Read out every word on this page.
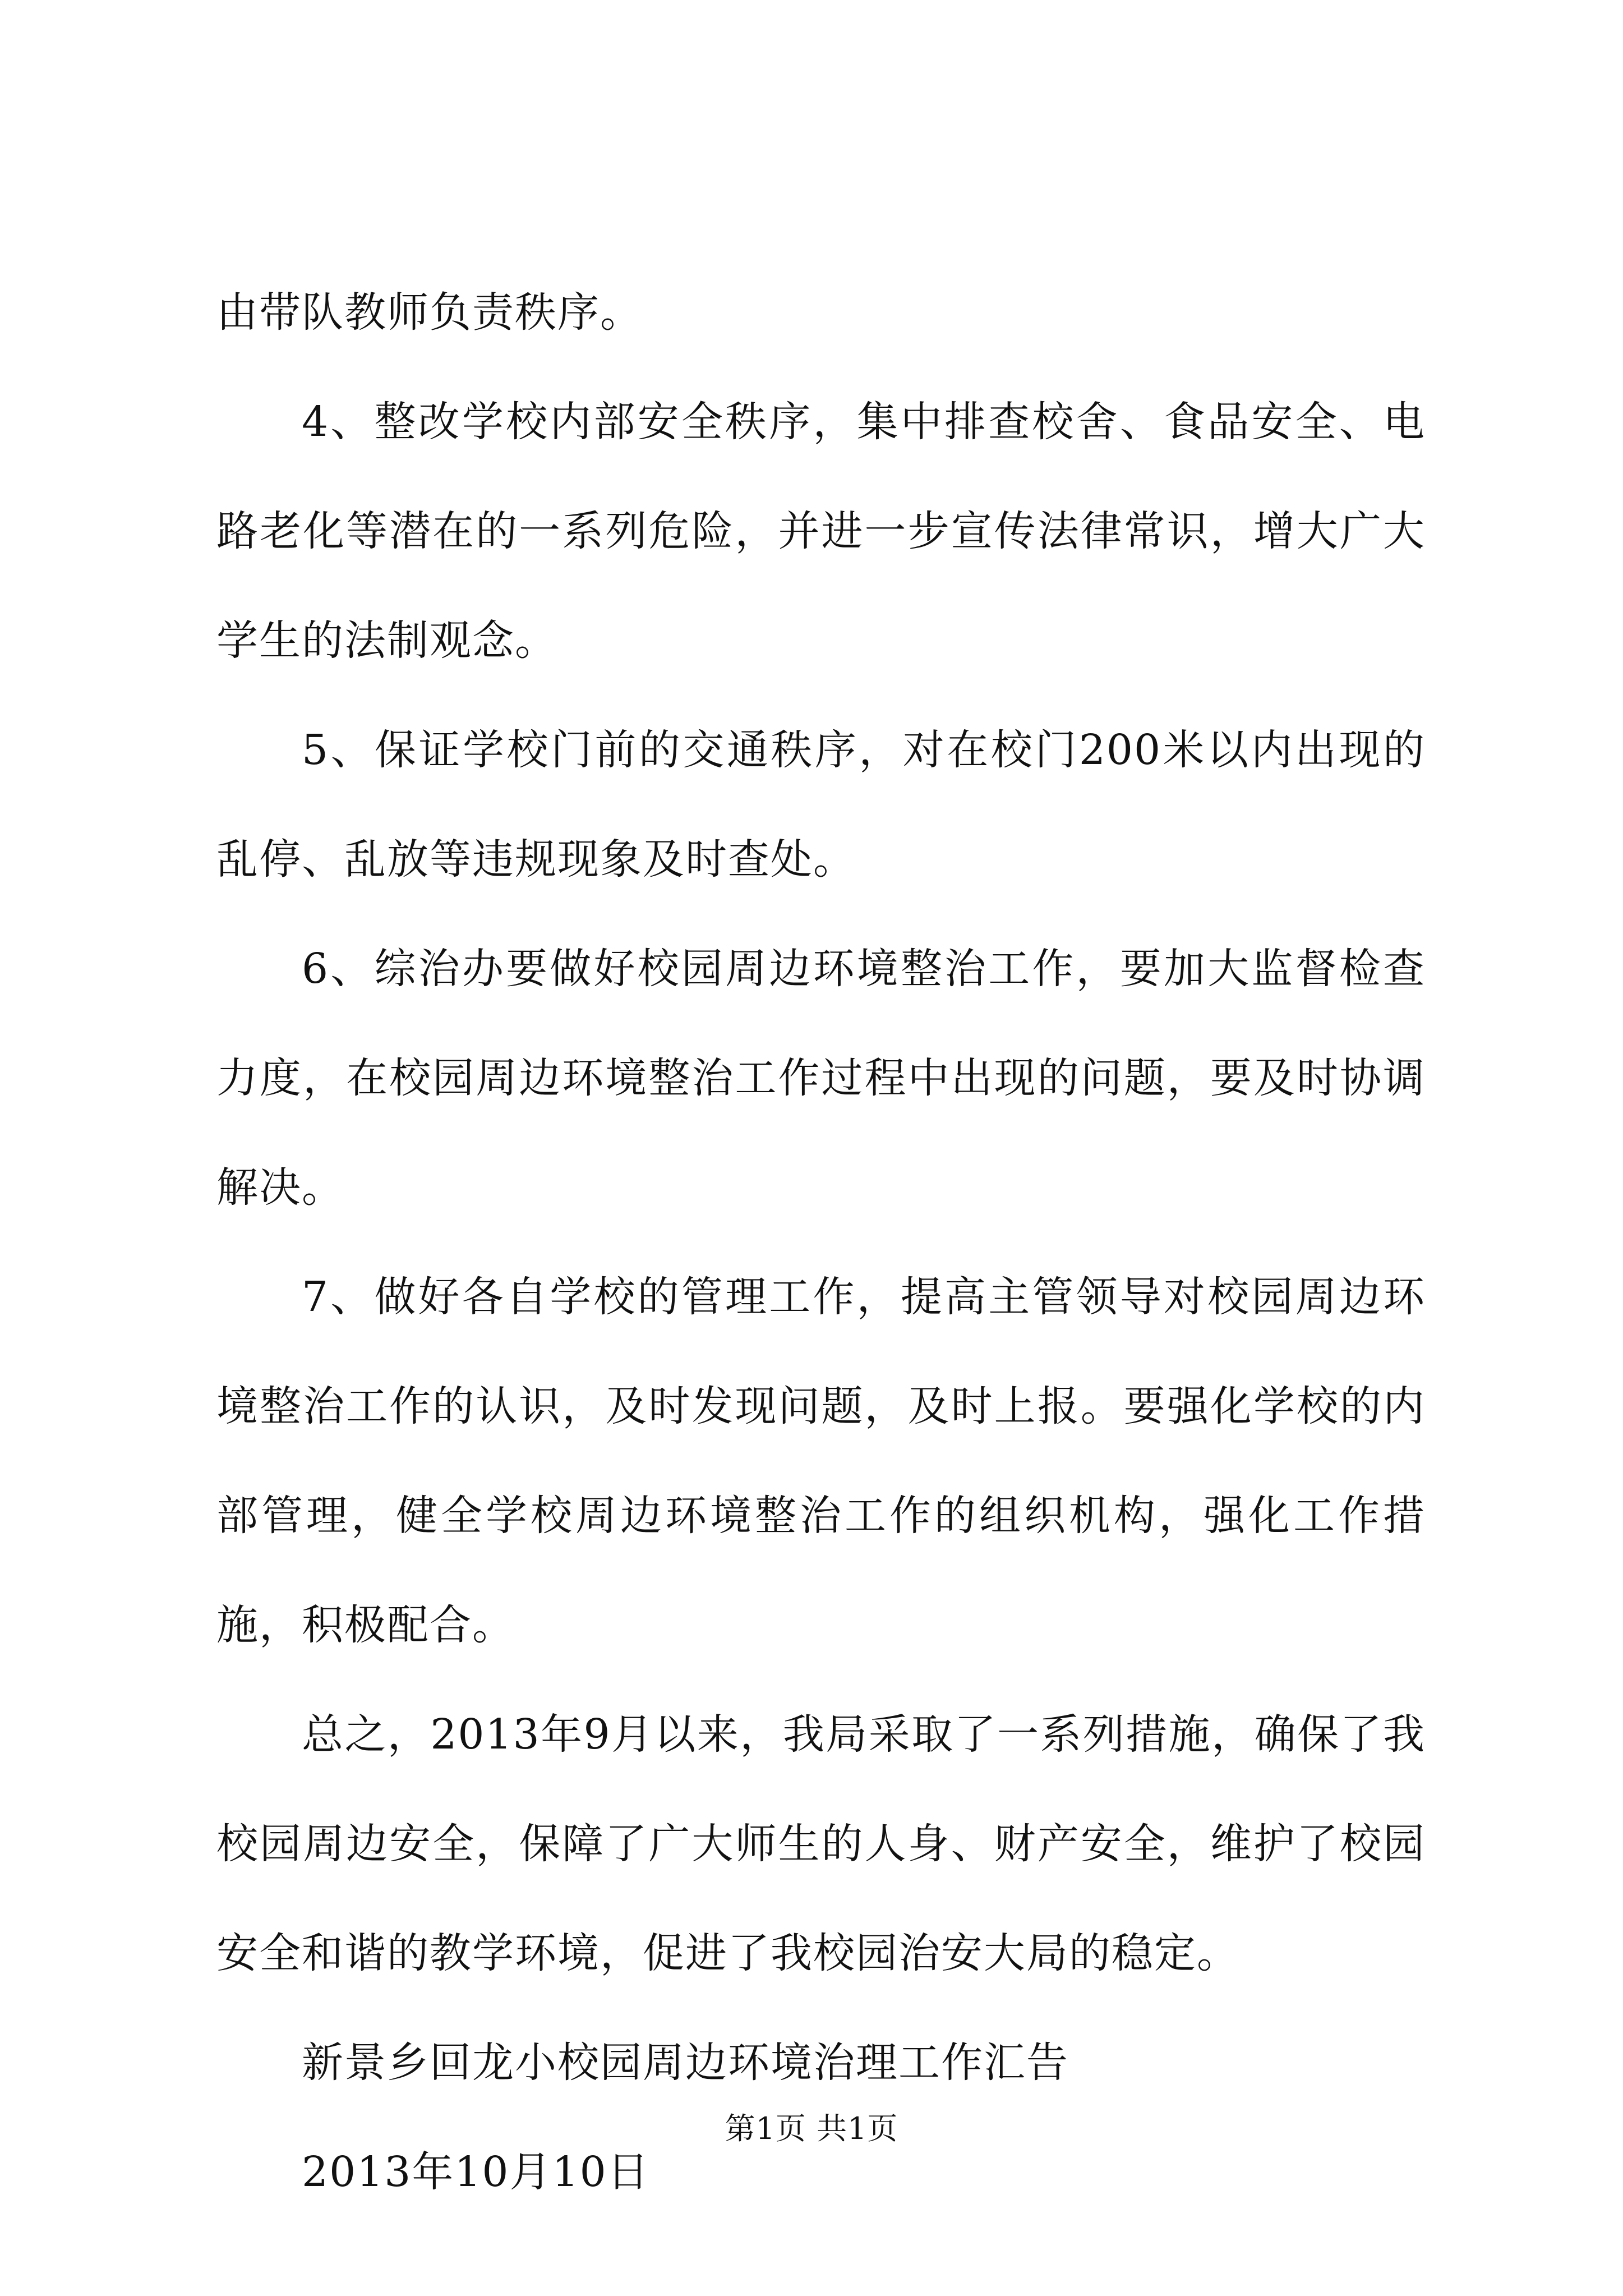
由带队教师负责秩序。

4、整改学校内部安全秩序，集中排查校舍、食品安全、电路老化等潜在的一系列危险，并进一步宣传法律常识，增大广大学生的法制观念。

5、保证学校门前的交通秩序，对在校门200米以内出现的乱停、乱放等违规现象及时查处。

6、综治办要做好校园周边环境整治工作，要加大监督检查力度，在校园周边环境整治工作过程中出现的问题，要及时协调解决。

7、做好各自学校的管理工作，提高主管领导对校园周边环境整治工作的认识，及时发现问题，及时上报。要强化学校的内部管理，健全学校周边环境整治工作的组织机构，强化工作措施，积极配合。

总之，2013年9月以来，我局采取了一系列措施，确保了我校园周边安全，保障了广大师生的人身、财产安全，维护了校园安全和谐的教学环境，促进了我校园治安大局的稳定。

新景乡回龙小校园周边环境治理工作汇告

2013年10月10日

第1页 共1页
